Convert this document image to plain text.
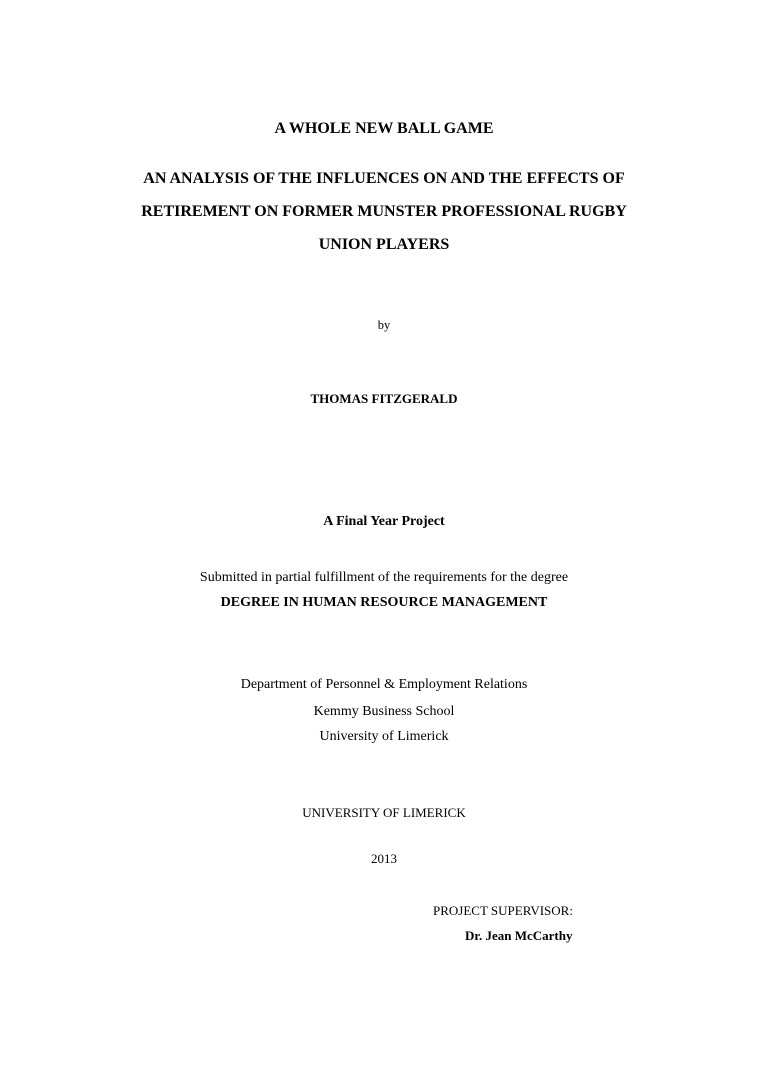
A WHOLE NEW BALL GAME
AN ANALYSIS OF THE INFLUENCES ON AND THE EFFECTS OF RETIREMENT ON FORMER MUNSTER PROFESSIONAL RUGBY UNION PLAYERS
by
THOMAS FITZGERALD
A Final Year Project
Submitted in partial fulfillment of the requirements for the degree
DEGREE IN HUMAN RESOURCE MANAGEMENT
Department of Personnel & Employment Relations
Kemmy Business School
University of Limerick
UNIVERSITY OF LIMERICK
2013
PROJECT SUPERVISOR:
Dr. Jean McCarthy
